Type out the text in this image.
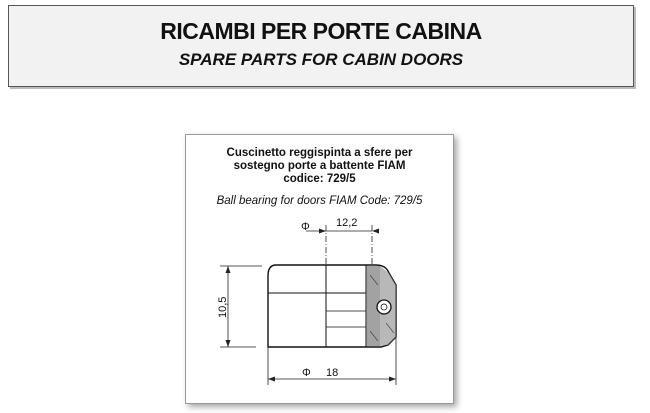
RICAMBI PER PORTE CABINA
SPARE PARTS FOR CABIN DOORS
Cuscinetto reggispinta a sfere per
sostegno porte a battente FIAM
codice: 729/5
Ball bearing for doors FIAM Code: 729/5
Φ 12,2
10,5
Φ 18
